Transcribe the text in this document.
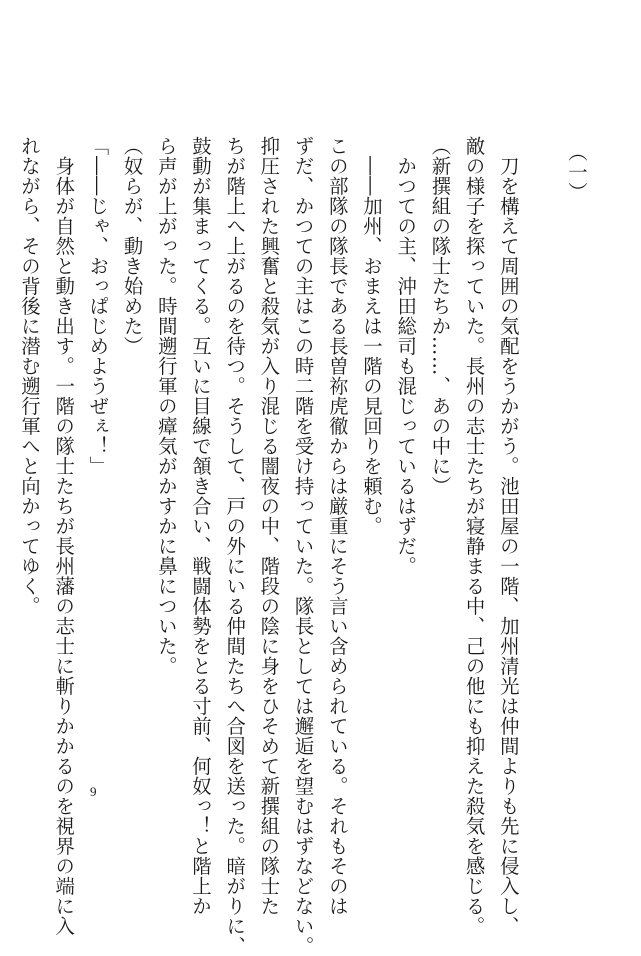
（一）
刀を構えて周囲の気配をうかがう。池田屋の一階、加州清光は仲間よりも先に侵入し、
敵の様子を探っていた。長州の志士たちが寝静まる中、己の他にも抑えた殺気を感じる。
（新撰組の隊士たちか……、あの中に）
かつての主、沖田総司も混じっているはずだ。
――加州、おまえは一階の見回りを頼む。
この部隊の隊長である長曽祢虎徹からは厳重にそう言い含められている。それもそのは
ずだ、かつての主はこの時二階を受け持っていた。隊長としては邂逅を望むはずなどない。
抑圧された興奮と殺気が入り混じる闇夜の中、階段の陰に身をひそめて新撰組の隊士た
ちが階上へ上がるのを待つ。そうして、戸の外にいる仲間たちへ合図を送った。暗がりに、
鼓動が集まってくる。互いに目線で頷き合い、戦闘体勢をとる寸前、何奴っ！と階上か
ら声が上がった。時間遡行軍の瘴気がかすかに鼻についた。
（奴らが、動き始めた）
「――じゃ、おっぱじめようぜぇ！」
身体が自然と動き出す。一階の隊士たちが長州藩の志士に斬りかかるのを視界の端に入
れながら、その背後に潜む遡行軍へと向かってゆく。
9
